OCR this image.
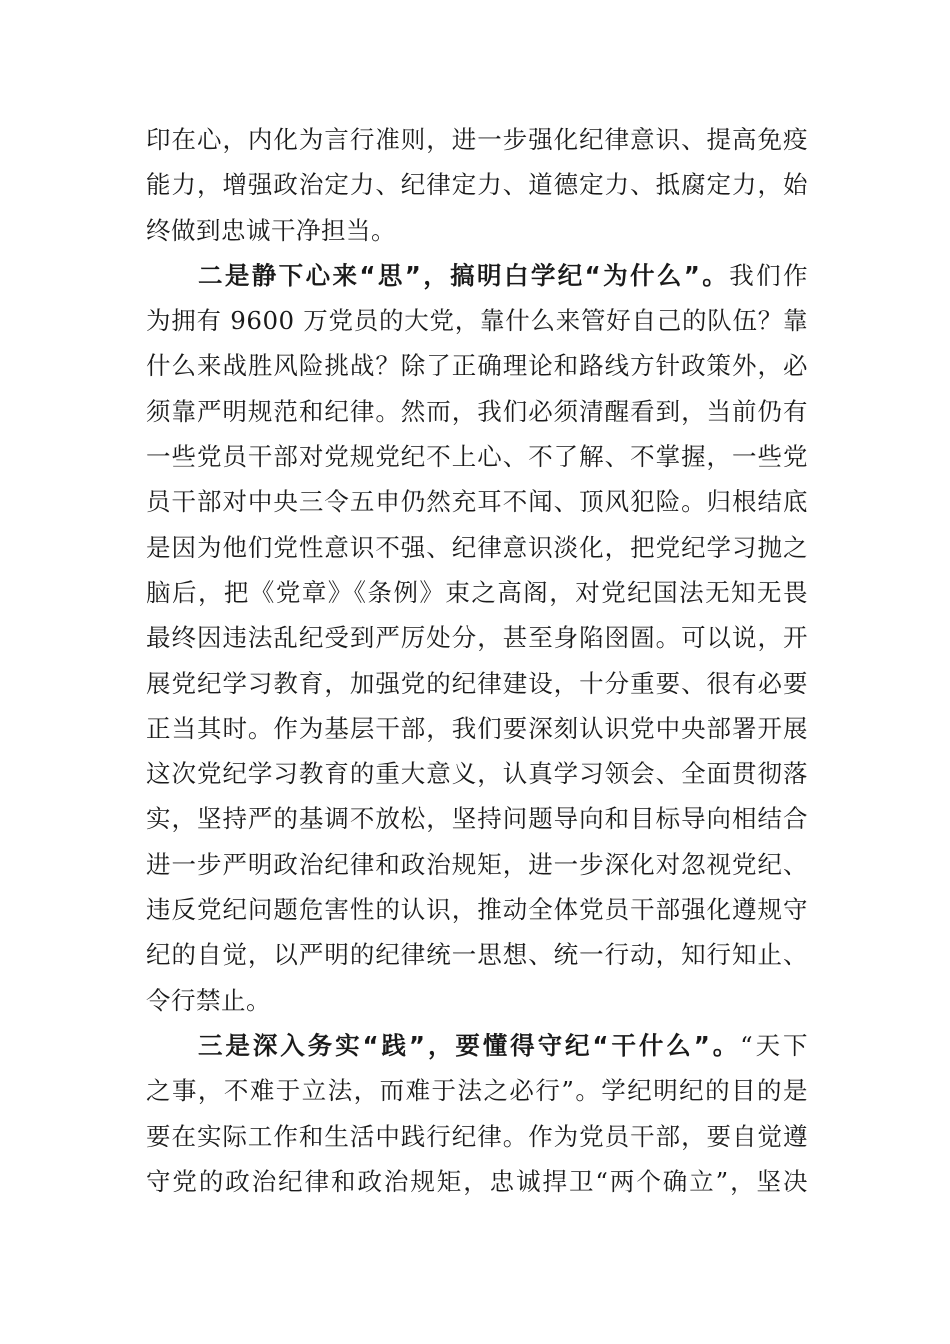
印在心，内化为言行准则，进一步强化纪律意识、提高免疫
能力，增强政治定力、纪律定力、道德定力、抵腐定力，始
终做到忠诚干净担当。
二是静下心来“思”，搞明白学纪“为什么”。我们作
为拥有 9600 万党员的大党，靠什么来管好自己的队伍？靠
什么来战胜风险挑战？除了正确理论和路线方针政策外，必
须靠严明规范和纪律。然而，我们必须清醒看到，当前仍有
一些党员干部对党规党纪不上心、不了解、不掌握，一些党
员干部对中央三令五申仍然充耳不闻、顶风犯险。归根结底
是因为他们党性意识不强、纪律意识淡化，把党纪学习抛之
脑后，把《党章》《条例》束之高阁，对党纪国法无知无畏
最终因违法乱纪受到严厉处分，甚至身陷囹圄。可以说，开
展党纪学习教育，加强党的纪律建设，十分重要、很有必要
正当其时。作为基层干部，我们要深刻认识党中央部署开展
这次党纪学习教育的重大意义，认真学习领会、全面贯彻落
实，坚持严的基调不放松，坚持问题导向和目标导向相结合
进一步严明政治纪律和政治规矩，进一步深化对忽视党纪、
违反党纪问题危害性的认识，推动全体党员干部强化遵规守
纪的自觉，以严明的纪律统一思想、统一行动，知行知止、
令行禁止。
三是深入务实“践”，要懂得守纪“干什么”。“天下
之事，不难于立法，而难于法之必行”。学纪明纪的目的是
要在实际工作和生活中践行纪律。作为党员干部，要自觉遵
守党的政治纪律和政治规矩，忠诚捍卫“两个确立”，坚决
